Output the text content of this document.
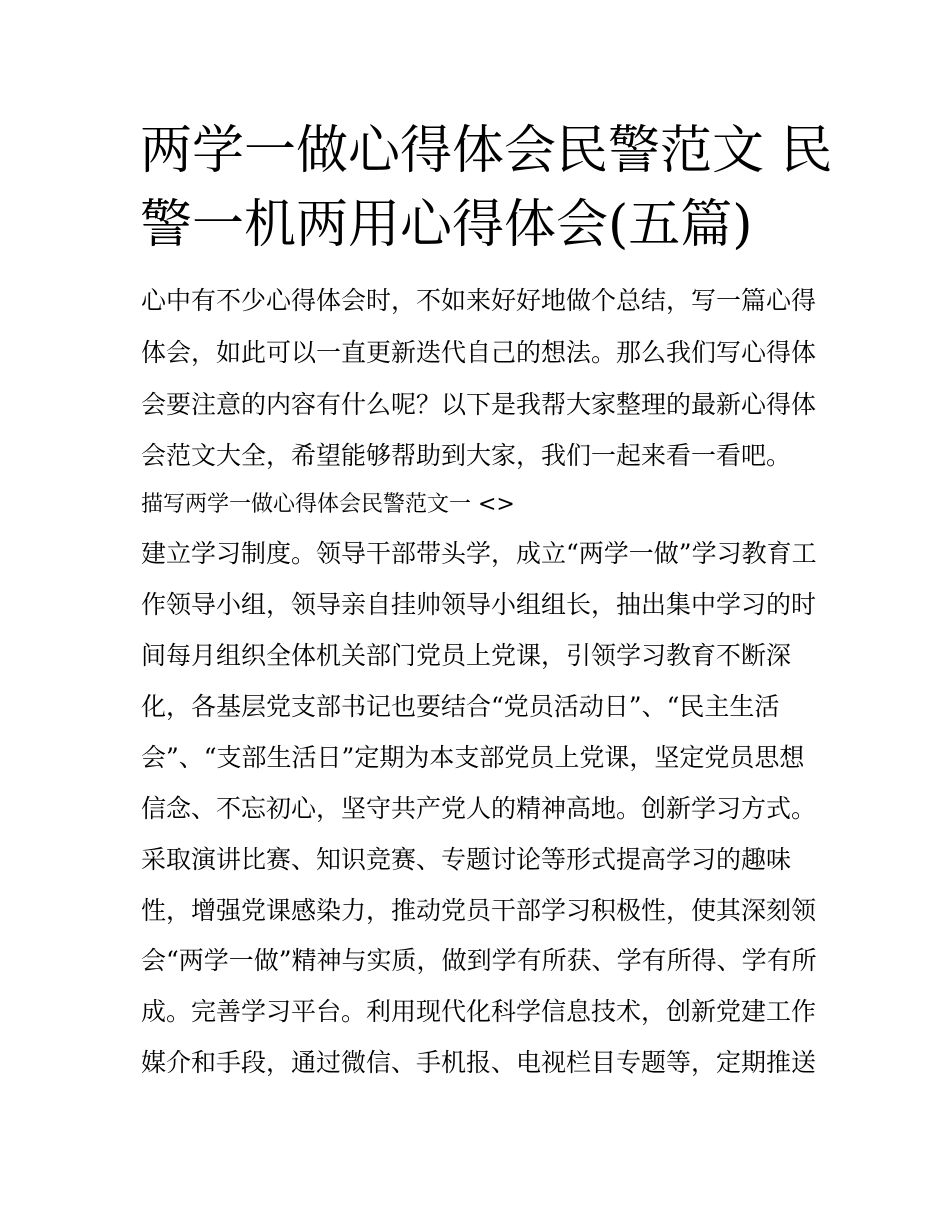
两学一做心得体会民警范文 民
警一机两用心得体会(五篇)
心中有不少心得体会时，不如来好好地做个总结，写一篇心得
体会，如此可以一直更新迭代自己的想法。那么我们写心得体
会要注意的内容有什么呢？以下是我帮大家整理的最新心得体
会范文大全，希望能够帮助到大家，我们一起来看一看吧。
描写两学一做心得体会民警范文一 <>
建立学习制度。领导干部带头学，成立“两学一做”学习教育工
作领导小组，领导亲自挂帅领导小组组长，抽出集中学习的时
间每月组织全体机关部门党员上党课，引领学习教育不断深
化，各基层党支部书记也要结合“党员活动日”、“民主生活
会”、“支部生活日”定期为本支部党员上党课，坚定党员思想
信念、不忘初心，坚守共产党人的精神高地。创新学习方式。
采取演讲比赛、知识竞赛、专题讨论等形式提高学习的趣味
性，增强党课感染力，推动党员干部学习积极性，使其深刻领
会“两学一做”精神与实质，做到学有所获、学有所得、学有所
成。完善学习平台。利用现代化科学信息技术，创新党建工作
媒介和手段，通过微信、手机报、电视栏目专题等，定期推送
